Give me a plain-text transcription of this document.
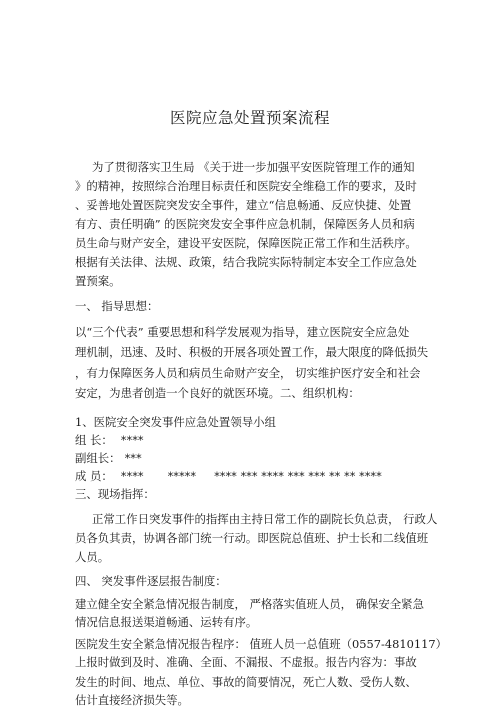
医院应急处置预案流程
为了贯彻落实卫生局 《关于进一步加强平安医院管理工作的通知
》的精神，按照综合治理目标责任和医院安全维稳工作的要求，及时
、妥善地处置医院突发安全事件，建立“信息畅通、反应快捷、处置
有方、责任明确” 的医院突发安全事件应急机制，保障医务人员和病
员生命与财产安全，建设平安医院，保障医院正常工作和生活秩序。
根据有关法律、法规、政策，结合我院实际特制定本安全工作应急处
置预案。
一、 指导思想：
以“三个代表” 重要思想和科学发展观为指导，建立医院安全应急处
理机制，迅速、及时、积极的开展各项处置工作，最大限度的降低损失
，有力保障医务人员和病员生命财产安全， 切实维护医疗安全和社会
安定，为患者创造一个良好的就医环境。二、组织机构：
1、医院安全突发事件应急处置领导小组
组 长： ****
副组长： ***
成 员： **** ***** **** *** **** *** *** ** ** ****
三、现场指挥：
正常工作日突发事件的指挥由主持日常工作的副院长负总责， 行政人
员各负其责，协调各部门统一行动。即医院总值班、护士长和二线值班
人员。
四、 突发事件逐层报告制度：
建立健全安全紧急情况报告制度， 严格落实值班人员， 确保安全紧急
情况信息报送渠道畅通、运转有序。
医院发生安全紧急情况报告程序： 值班人员一总值班（0557-4810117）
上报时做到及时、准确、全面、不漏报、不虚报。报告内容为：事故
发生的时间、地点、单位、事故的简要情况，死亡人数、受伤人数、
估计直接经济损失等。
